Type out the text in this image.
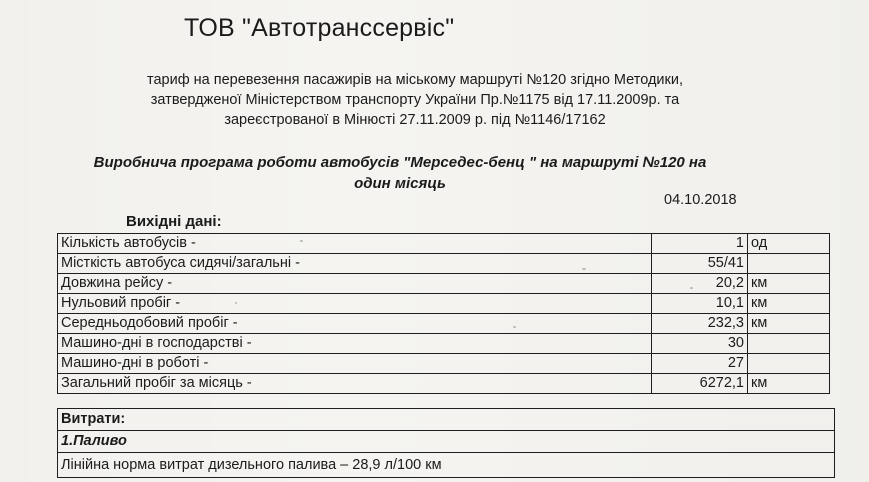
ТОВ "Автотранссервіс"
тариф на перевезення пасажирів на міському маршруті №120 згідно Методики,
затвердженої Міністерством транспорту України Пр.№1175 від 17.11.2009р. та
зареєстрованої в Мінюсті 27.11.2009 р. під №1146/17162
Виробнича програма роботи автобусів "Мерседес-бенц " на маршруті №120 на
один місяць
04.10.2018
Вихідні дані:
Кількість автобусів -	1	од
Місткість автобуса сидячі/загальні -	55/41	
Довжина рейсу -	20,2	км
Нульовий пробіг -	10,1	км
Середньодобовий пробіг -	232,3	км
Машино-дні в господарстві -	30	
Машино-дні в роботі -	27	
Загальний пробіг за місяць -	6272,1	км
Витрати:
1.Паливо
Лінійна норма витрат дизельного палива – 28,9 л/100 км
